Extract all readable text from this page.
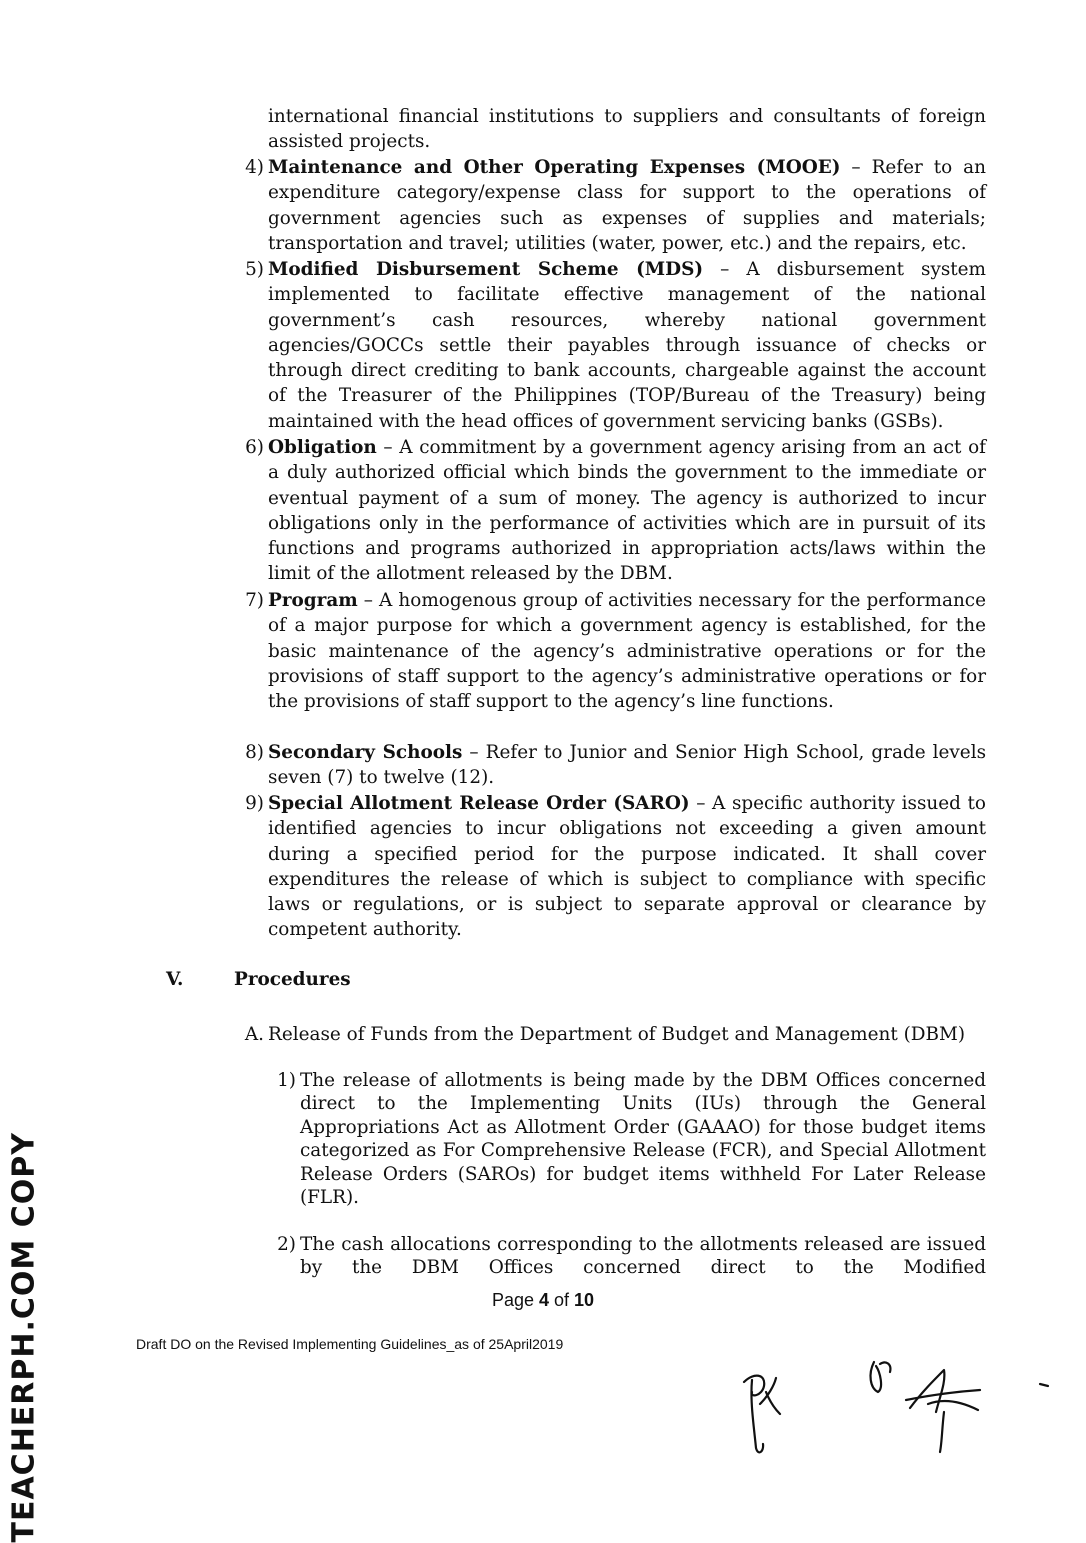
international financial institutions to suppliers and consultants of foreign assisted projects.

4) Maintenance and Other Operating Expenses (MOOE) – Refer to an expenditure category/expense class for support to the operations of government agencies such as expenses of supplies and materials; transportation and travel; utilities (water, power, etc.) and the repairs, etc.
5) Modified Disbursement Scheme (MDS) – A disbursement system implemented to facilitate effective management of the national government’s cash resources, whereby national government agencies/GOCCs settle their payables through issuance of checks or through direct crediting to bank accounts, chargeable against the account of the Treasurer of the Philippines (TOP/Bureau of the Treasury) being maintained with the head offices of government servicing banks (GSBs).
6) Obligation – A commitment by a government agency arising from an act of a duly authorized official which binds the government to the immediate or eventual payment of a sum of money. The agency is authorized to incur obligations only in the performance of activities which are in pursuit of its functions and programs authorized in appropriation acts/laws within the limit of the allotment released by the DBM.
7) Program – A homogenous group of activities necessary for the performance of a major purpose for which a government agency is established, for the basic maintenance of the agency’s administrative operations or for the provisions of staff support to the agency’s administrative operations or for the provisions of staff support to the agency’s line functions.
8) Secondary Schools – Refer to Junior and Senior High School, grade levels seven (7) to twelve (12).
9) Special Allotment Release Order (SARO) – A specific authority issued to identified agencies to incur obligations not exceeding a given amount during a specified period for the purpose indicated. It shall cover expenditures the release of which is subject to compliance with specific laws or regulations, or is subject to separate approval or clearance by competent authority.
V.	Procedures
A. Release of Funds from the Department of Budget and Management (DBM)
1) The release of allotments is being made by the DBM Offices concerned direct to the Implementing Units (IUs) through the General Appropriations Act as Allotment Order (GAAAO) for those budget items categorized as For Comprehensive Release (FCR), and Special Allotment Release Orders (SAROs) for budget items withheld For Later Release (FLR).
2) The cash allocations corresponding to the allotments released are issued by the DBM Offices concerned direct to the Modified
Page 4 of 10
Draft DO on the Revised Implementing Guidelines_as of 25April2019
TEACHERPH.COM COPY
